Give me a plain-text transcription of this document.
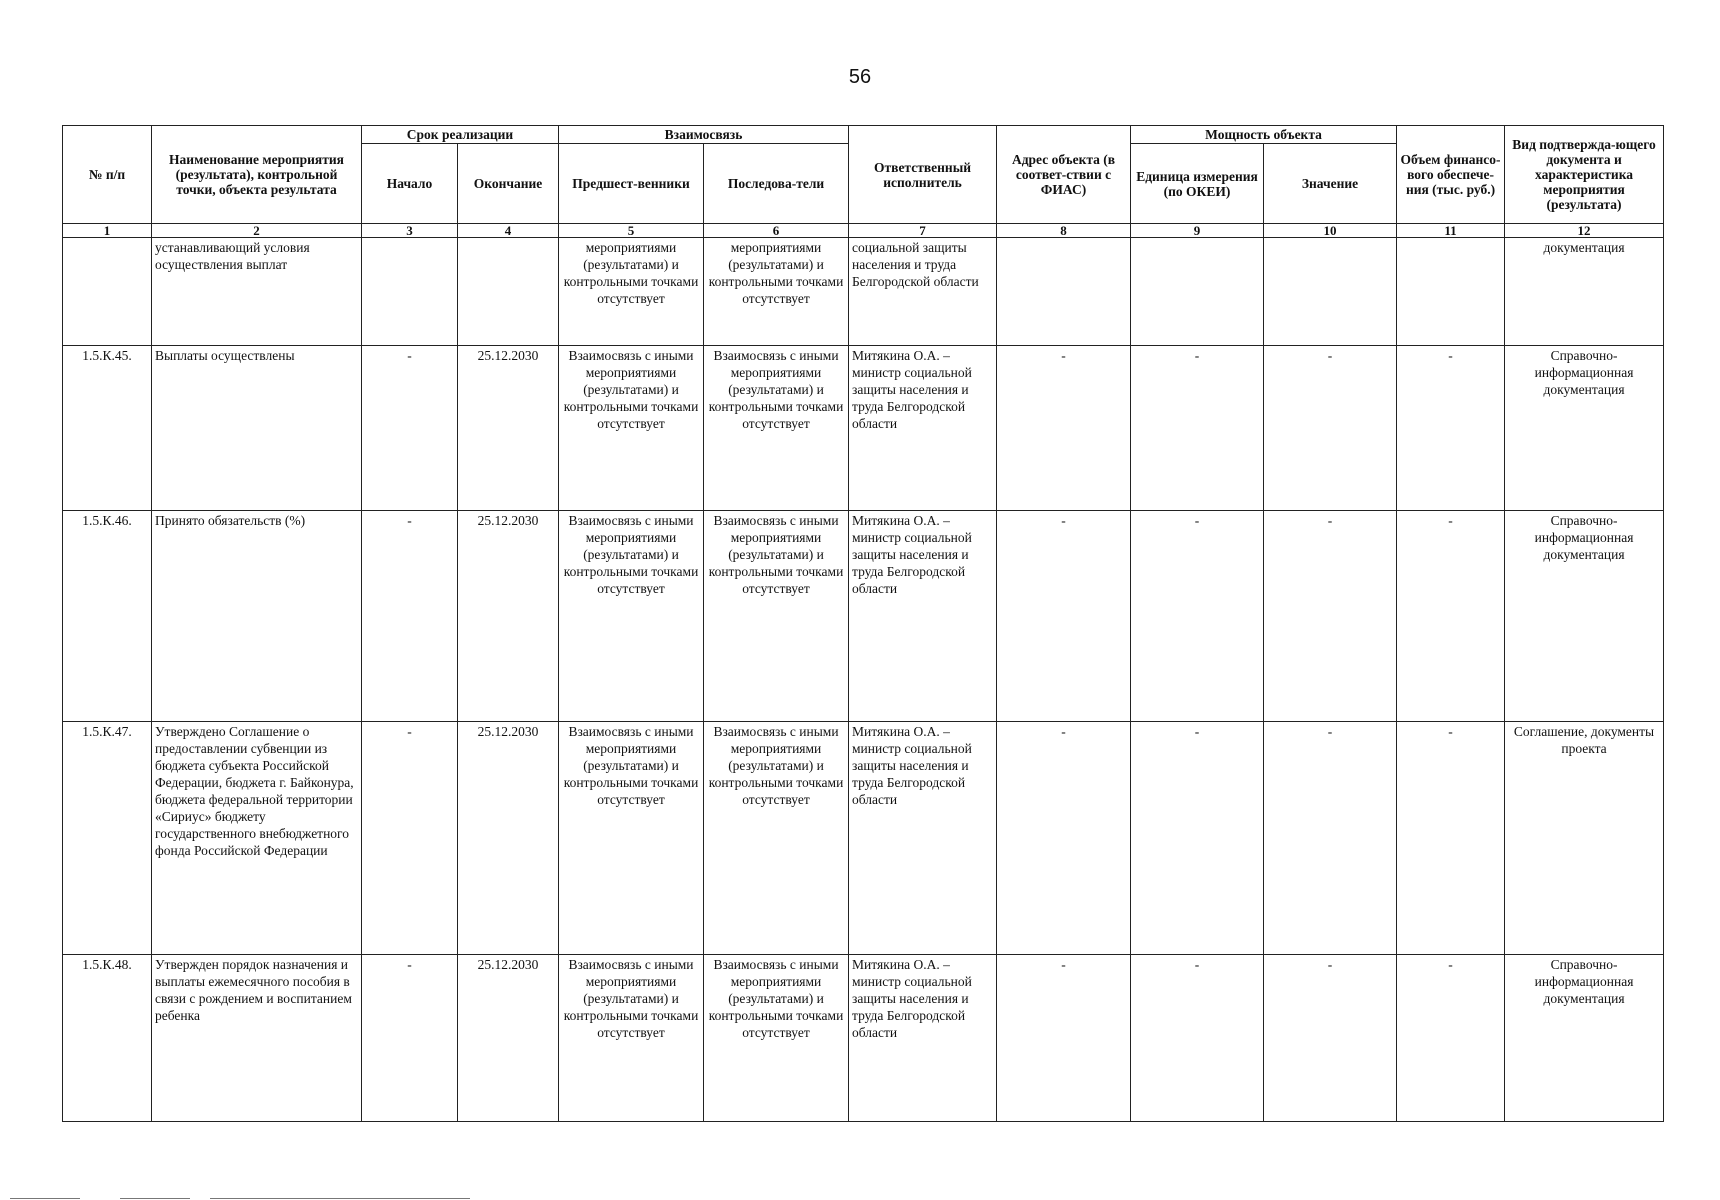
56
№ п/п	Наименование мероприятия (результата), контрольной точки, объекта результата	Срок реализации		Взаимосвязь		Ответственный исполнитель	Адрес объекта (в соответ-ствии с ФИАС)	Мощность объекта		Объем финансо-вого обеспече-ния (тыс. руб.)	Вид подтвержда-ющего документа и характеристика мероприятия (результата)
		Начало	Окончание	Предшест-венники	Последова-тели			Единица измерения (по ОКЕИ)	Значение		
1	2	3	4	5	6	7	8	9	10	11	12
	устанавливающий условия осуществления выплат			мероприятиями (результатами) и контрольными точками отсутствует	мероприятиями (результатами) и контрольными точками отсутствует	социальной защиты населения и труда Белгородской области					документация
1.5.К.45.	Выплаты осуществлены	-	25.12.2030	Взаимосвязь с иными мероприятиями (результатами) и контрольными точками отсутствует	Взаимосвязь с иными мероприятиями (результатами) и контрольными точками отсутствует	Митякина О.А. – министр социальной защиты населения и труда Белгородской области	-	-	-	-	Справочно-информационная документация
1.5.К.46.	Принято обязательств (%)	-	25.12.2030	Взаимосвязь с иными мероприятиями (результатами) и контрольными точками отсутствует	Взаимосвязь с иными мероприятиями (результатами) и контрольными точками отсутствует	Митякина О.А. – министр социальной защиты населения и труда Белгородской области	-	-	-	-	Справочно-информационная документация
1.5.К.47.	Утверждено Соглашение о предоставлении субвенции из бюджета субъекта Российской Федерации, бюджета г. Байконура, бюджета федеральной территории «Сириус» бюджету государственного внебюджетного фонда Российской Федерации	-	25.12.2030	Взаимосвязь с иными мероприятиями (результатами) и контрольными точками отсутствует	Взаимосвязь с иными мероприятиями (результатами) и контрольными точками отсутствует	Митякина О.А. – министр социальной защиты населения и труда Белгородской области	-	-	-	-	Соглашение, документы проекта
1.5.К.48.	Утвержден порядок назначения и выплаты ежемесячного пособия в связи с рождением и воспитанием ребенка	-	25.12.2030	Взаимосвязь с иными мероприятиями (результатами) и контрольными точками отсутствует	Взаимосвязь с иными мероприятиями (результатами) и контрольными точками отсутствует	Митякина О.А. – министр социальной защиты населения и труда Белгородской области	-	-	-	-	Справочно-информационная документация
